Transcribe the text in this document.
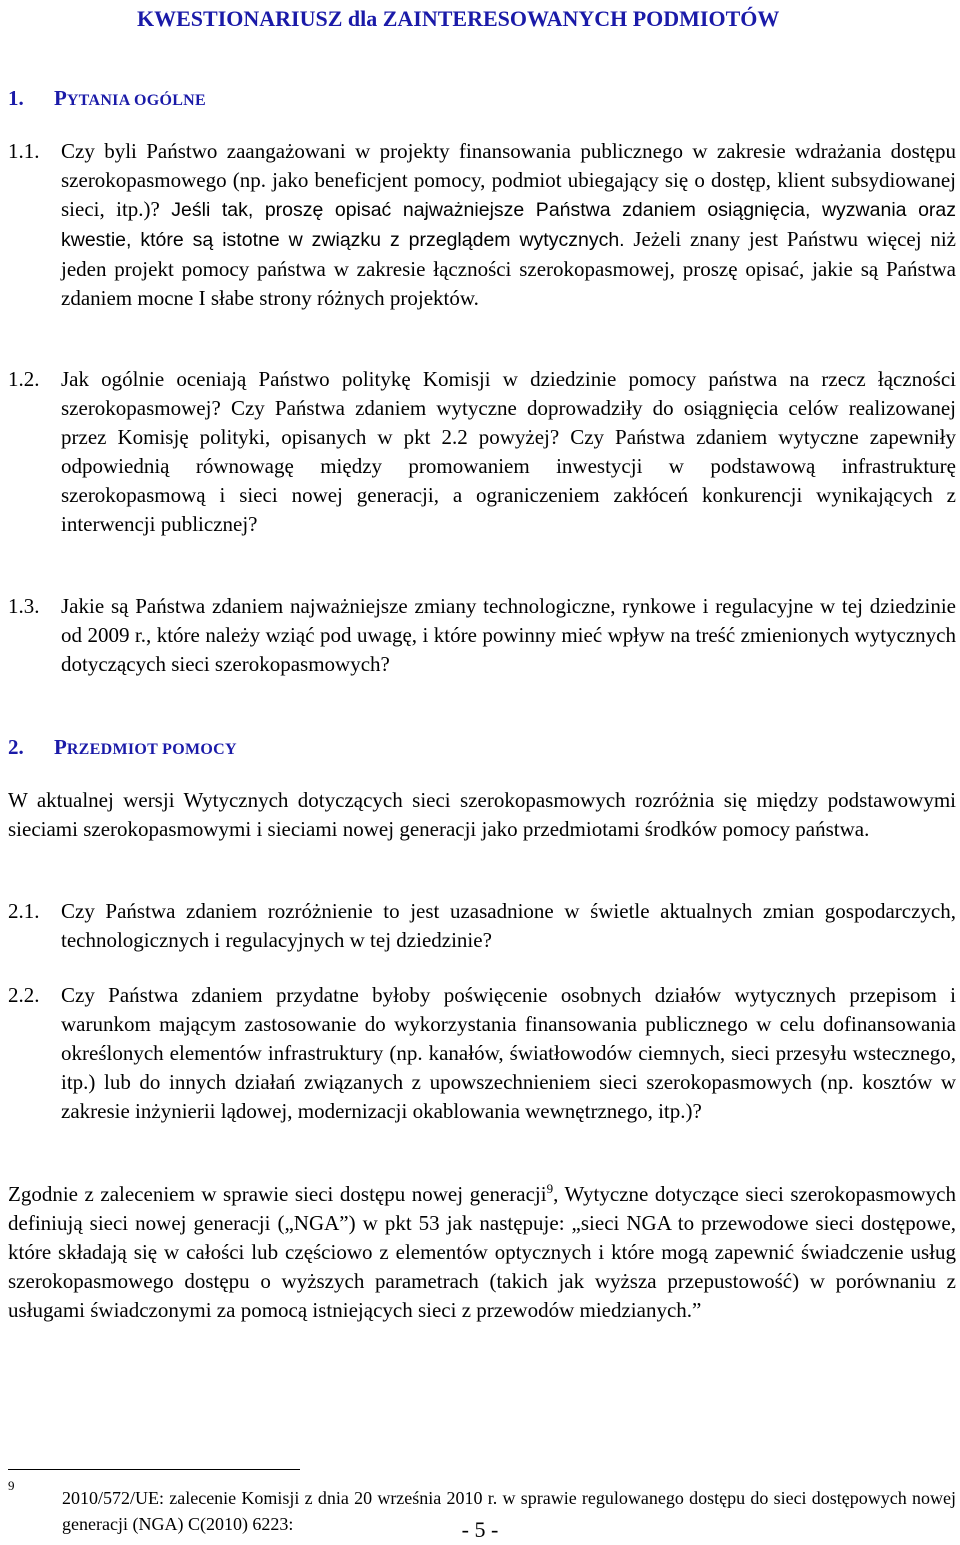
KWESTIONARIUSZ dla ZAINTERESOWANYCH PODMIOTÓW
1. PYTANIA OGÓLNE
1.1.	Czy byli Państwo zaangażowani w projekty finansowania publicznego w zakresie wdrażania dostępu szerokopasmowego (np. jako beneficjent pomocy, podmiot ubiegający się o dostęp, klient subsydiowanej sieci, itp.)? Jeśli tak, proszę opisać najważniejsze Państwa zdaniem osiągnięcia, wyzwania oraz kwestie, które są istotne w związku z przeglądem wytycznych. Jeżeli znany jest Państwu więcej niż jeden projekt pomocy państwa w zakresie łączności szerokopasmowej, proszę opisać, jakie są Państwa zdaniem mocne I słabe strony różnych projektów.
1.2.	Jak ogólnie oceniają Państwo politykę Komisji w dziedzinie pomocy państwa na rzecz łączności szerokopasmowej? Czy Państwa zdaniem wytyczne doprowadziły do osiągnięcia celów realizowanej przez Komisję polityki, opisanych w pkt 2.2 powyżej? Czy Państwa zdaniem wytyczne zapewniły odpowiednią równowagę między promowaniem inwestycji w podstawową infrastrukturę szerokopasmową i sieci nowej generacji, a ograniczeniem zakłóceń konkurencji wynikających z interwencji publicznej?
1.3.	Jakie są Państwa zdaniem najważniejsze zmiany technologiczne, rynkowe i regulacyjne w tej dziedzinie od 2009 r., które należy wziąć pod uwagę, i które powinny mieć wpływ na treść zmienionych wytycznych dotyczących sieci szerokopasmowych?
2. PRZEDMIOT POMOCY
W aktualnej wersji Wytycznych dotyczących sieci szerokopasmowych rozróżnia się między podstawowymi sieciami szerokopasmowymi i sieciami nowej generacji jako przedmiotami środków pomocy państwa.
2.1.	Czy Państwa zdaniem rozróżnienie to jest uzasadnione w świetle aktualnych zmian gospodarczych, technologicznych i regulacyjnych w tej dziedzinie?
2.2.	Czy Państwa zdaniem przydatne byłoby poświęcenie osobnych działów wytycznych przepisom i warunkom mającym zastosowanie do wykorzystania finansowania publicznego w celu dofinansowania określonych elementów infrastruktury (np. kanałów, światłowodów ciemnych, sieci przesyłu wstecznego, itp.) lub do innych działań związanych z upowszechnieniem sieci szerokopasmowych (np. kosztów w zakresie inżynierii lądowej, modernizacji okablowania wewnętrznego, itp.)?
Zgodnie z zaleceniem w sprawie sieci dostępu nowej generacji$^9$, Wytyczne dotyczące sieci szerokopasmowych definiują sieci nowej generacji („NGA”) w pkt 53 jak następuje: „sieci NGA to przewodowe sieci dostępowe, które składają się w całości lub częściowo z elementów optycznych i które mogą zapewnić świadczenie usług szerokopasmowego dostępu o wyższych parametrach (takich jak wyższa przepustowość) w porównaniu z usługami świadczonymi za pomocą istniejących sieci z przewodów miedzianych.”
9
2010/572/UE: zalecenie Komisji z dnia 20 września 2010 r. w sprawie regulowanego dostępu do sieci dostępowych nowej generacji (NGA) C(2010) 6223:	- 5 -
